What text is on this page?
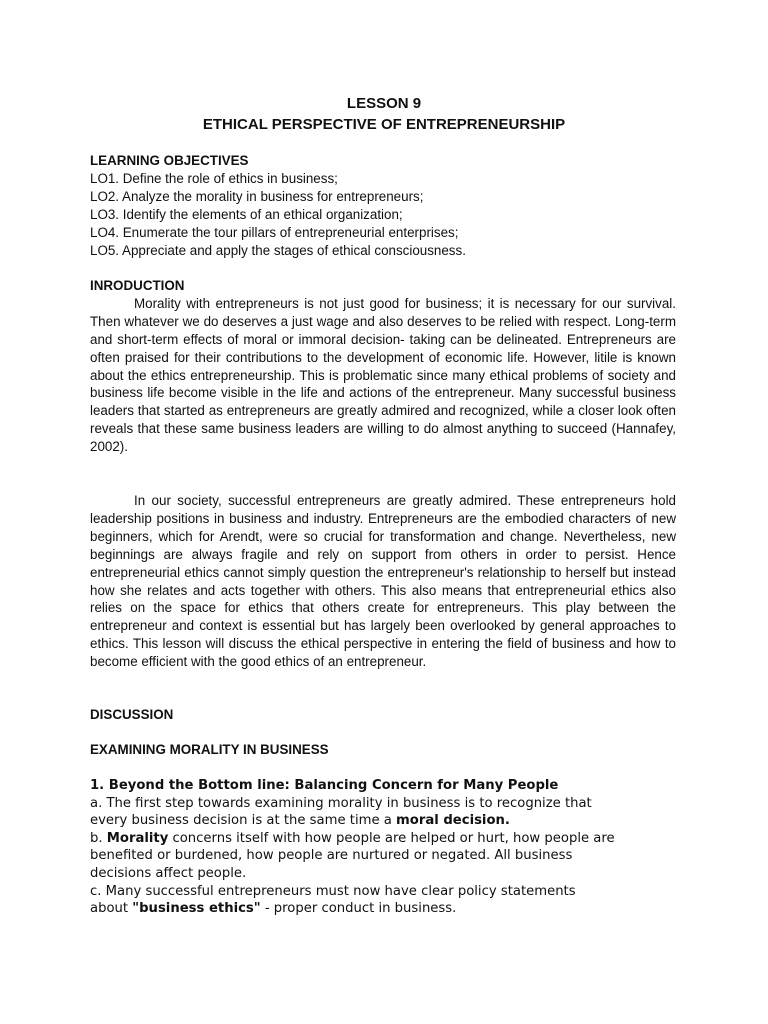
LESSON 9
ETHICAL PERSPECTIVE OF ENTREPRENEURSHIP
LEARNING OBJECTIVES
LO1. Define the role of ethics in business;
LO2. Analyze the morality in business for entrepreneurs;
LO3. Identify the elements of an ethical organization;
LO4. Enumerate the tour pillars of entrepreneurial enterprises;
LO5. Appreciate and apply the stages of ethical consciousness.
INRODUCTION

Morality with entrepreneurs is not just good for business; it is necessary for our survival. Then whatever we do deserves a just wage and also deserves to be relied with respect. Long-term and short-term effects of moral or immoral decision- taking can be delineated. Entrepreneurs are often praised for their contributions to the development of economic life. However, litile is known about the ethics entrepreneurship. This is problematic since many ethical problems of society and business life become visible in the life and actions of the entrepreneur. Many successful business leaders that started as entrepreneurs are greatly admired and recognized, while a closer look often reveals that these same business leaders are willing to do almost anything to succeed (Hannafey, 2002).

In our society, successful entrepreneurs are greatly admired. These entrepreneurs hold leadership positions in business and industry. Entrepreneurs are the embodied characters of new beginners, which for Arendt, were so crucial for transformation and change. Nevertheless, new beginnings are always fragile and rely on support from others in order to persist. Hence entrepreneurial ethics cannot simply question the entrepreneur's relationship to herself but instead how she relates and acts together with others. This also means that entrepreneurial ethics also relies on the space for ethics that others create for entrepreneurs. This play between the entrepreneur and context is essential but has largely been overlooked by general approaches to ethics. This lesson will discuss the ethical perspective in entering the field of business and how to become efficient with the good ethics of an entrepreneur.

DISCUSSION
EXAMINING MORALITY IN BUSINESS
1. Beyond the Bottom line: Balancing Concern for Many People
a. The first step towards examining morality in business is to recognize that every business decision is at the same time a moral decision.
b. Morality concerns itself with how people are helped or hurt, how people are benefited or burdened, how people are nurtured or negated. All business decisions affect people.
c. Many successful entrepreneurs must now have clear policy statements about "business ethics" - proper conduct in business.
